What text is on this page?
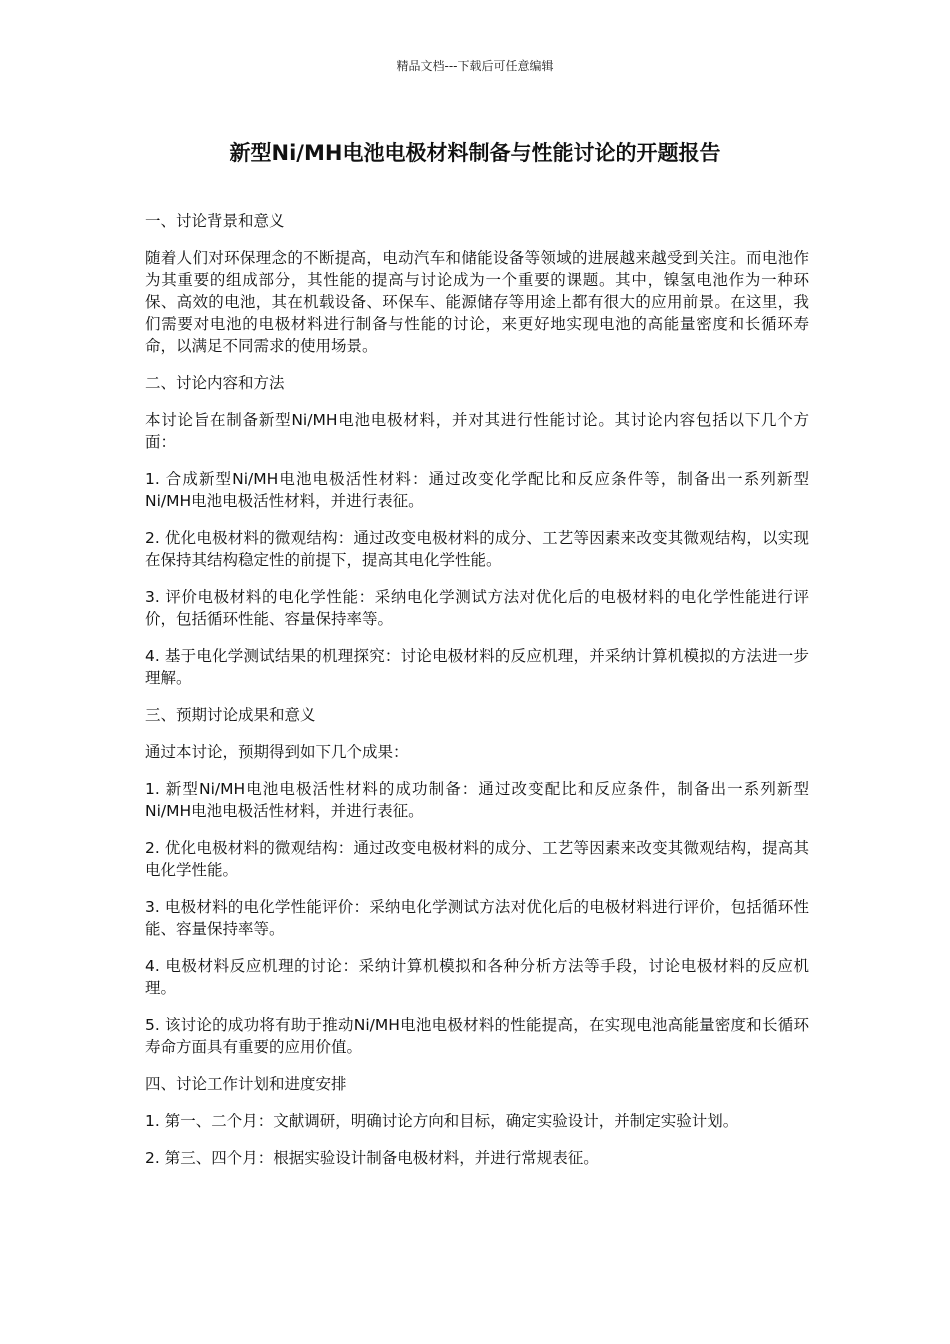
精品文档---下载后可任意编辑
新型Ni/MH电池电极材料制备与性能讨论的开题报告
一、讨论背景和意义

随着人们对环保理念的不断提高，电动汽车和储能设备等领域的进展越来越受到关注。而电池作为其重要的组成部分，其性能的提高与讨论成为一个重要的课题。其中，镍氢电池作为一种环保、高效的电池，其在机载设备、环保车、能源储存等用途上都有很大的应用前景。在这里，我们需要对电池的电极材料进行制备与性能的讨论，来更好地实现电池的高能量密度和长循环寿命，以满足不同需求的使用场景。

二、讨论内容和方法

本讨论旨在制备新型Ni/MH电池电极材料，并对其进行性能讨论。其讨论内容包括以下几个方面：

1. 合成新型Ni/MH电池电极活性材料：通过改变化学配比和反应条件等，制备出一系列新型Ni/MH电池电极活性材料，并进行表征。

2. 优化电极材料的微观结构：通过改变电极材料的成分、工艺等因素来改变其微观结构，以实现在保持其结构稳定性的前提下，提高其电化学性能。

3. 评价电极材料的电化学性能：采纳电化学测试方法对优化后的电极材料的电化学性能进行评价，包括循环性能、容量保持率等。

4. 基于电化学测试结果的机理探究：讨论电极材料的反应机理，并采纳计算机模拟的方法进一步理解。

三、预期讨论成果和意义

通过本讨论，预期得到如下几个成果：

1. 新型Ni/MH电池电极活性材料的成功制备：通过改变配比和反应条件，制备出一系列新型Ni/MH电池电极活性材料，并进行表征。

2. 优化电极材料的微观结构：通过改变电极材料的成分、工艺等因素来改变其微观结构，提高其电化学性能。

3. 电极材料的电化学性能评价：采纳电化学测试方法对优化后的电极材料进行评价，包括循环性能、容量保持率等。

4. 电极材料反应机理的讨论：采纳计算机模拟和各种分析方法等手段，讨论电极材料的反应机理。

5. 该讨论的成功将有助于推动Ni/MH电池电极材料的性能提高，在实现电池高能量密度和长循环寿命方面具有重要的应用价值。

四、讨论工作计划和进度安排

1. 第一、二个月：文献调研，明确讨论方向和目标，确定实验设计，并制定实验计划。

2. 第三、四个月：根据实验设计制备电极材料，并进行常规表征。
